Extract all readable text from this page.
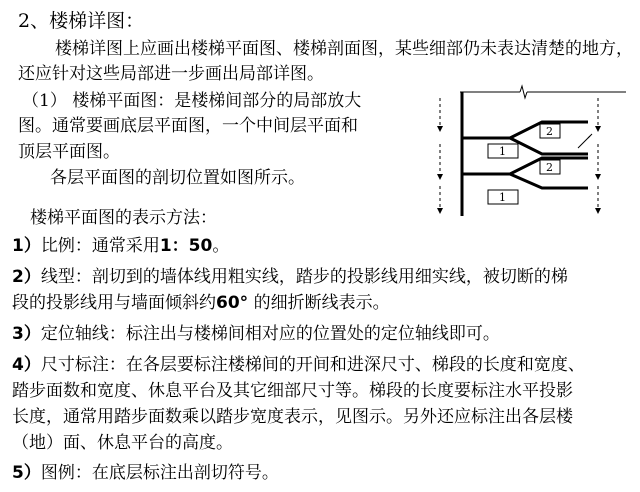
2、楼梯详图：
楼梯详图上应画出楼梯平面图、楼梯剖面图，某些细部仍未表达清楚的地方，
还应针对这些局部进一步画出局部详图。
（1） 楼梯平面图：是楼梯间部分的局部放大
图。通常要画底层平面图，一个中间层平面和
顶层平面图。
各层平面图的剖切位置如图所示。
楼梯平面图的表示方法：
1）比例：通常采用1：50。
2）线型：剖切到的墙体线用粗实线，踏步的投影线用细实线，被切断的梯
段的投影线用与墙面倾斜约60° 的细折断线表示。
3）定位轴线：标注出与楼梯间相对应的位置处的定位轴线即可。
4）尺寸标注：在各层要标注楼梯间的开间和进深尺寸、梯段的长度和宽度、
踏步面数和宽度、休息平台及其它细部尺寸等。梯段的长度要标注水平投影
长度，通常用踏步面数乘以踏步宽度表示，见图示。另外还应标注出各层楼
（地）面、休息平台的高度。
5）图例：在底层标注出剖切符号。
2
1
2
1
